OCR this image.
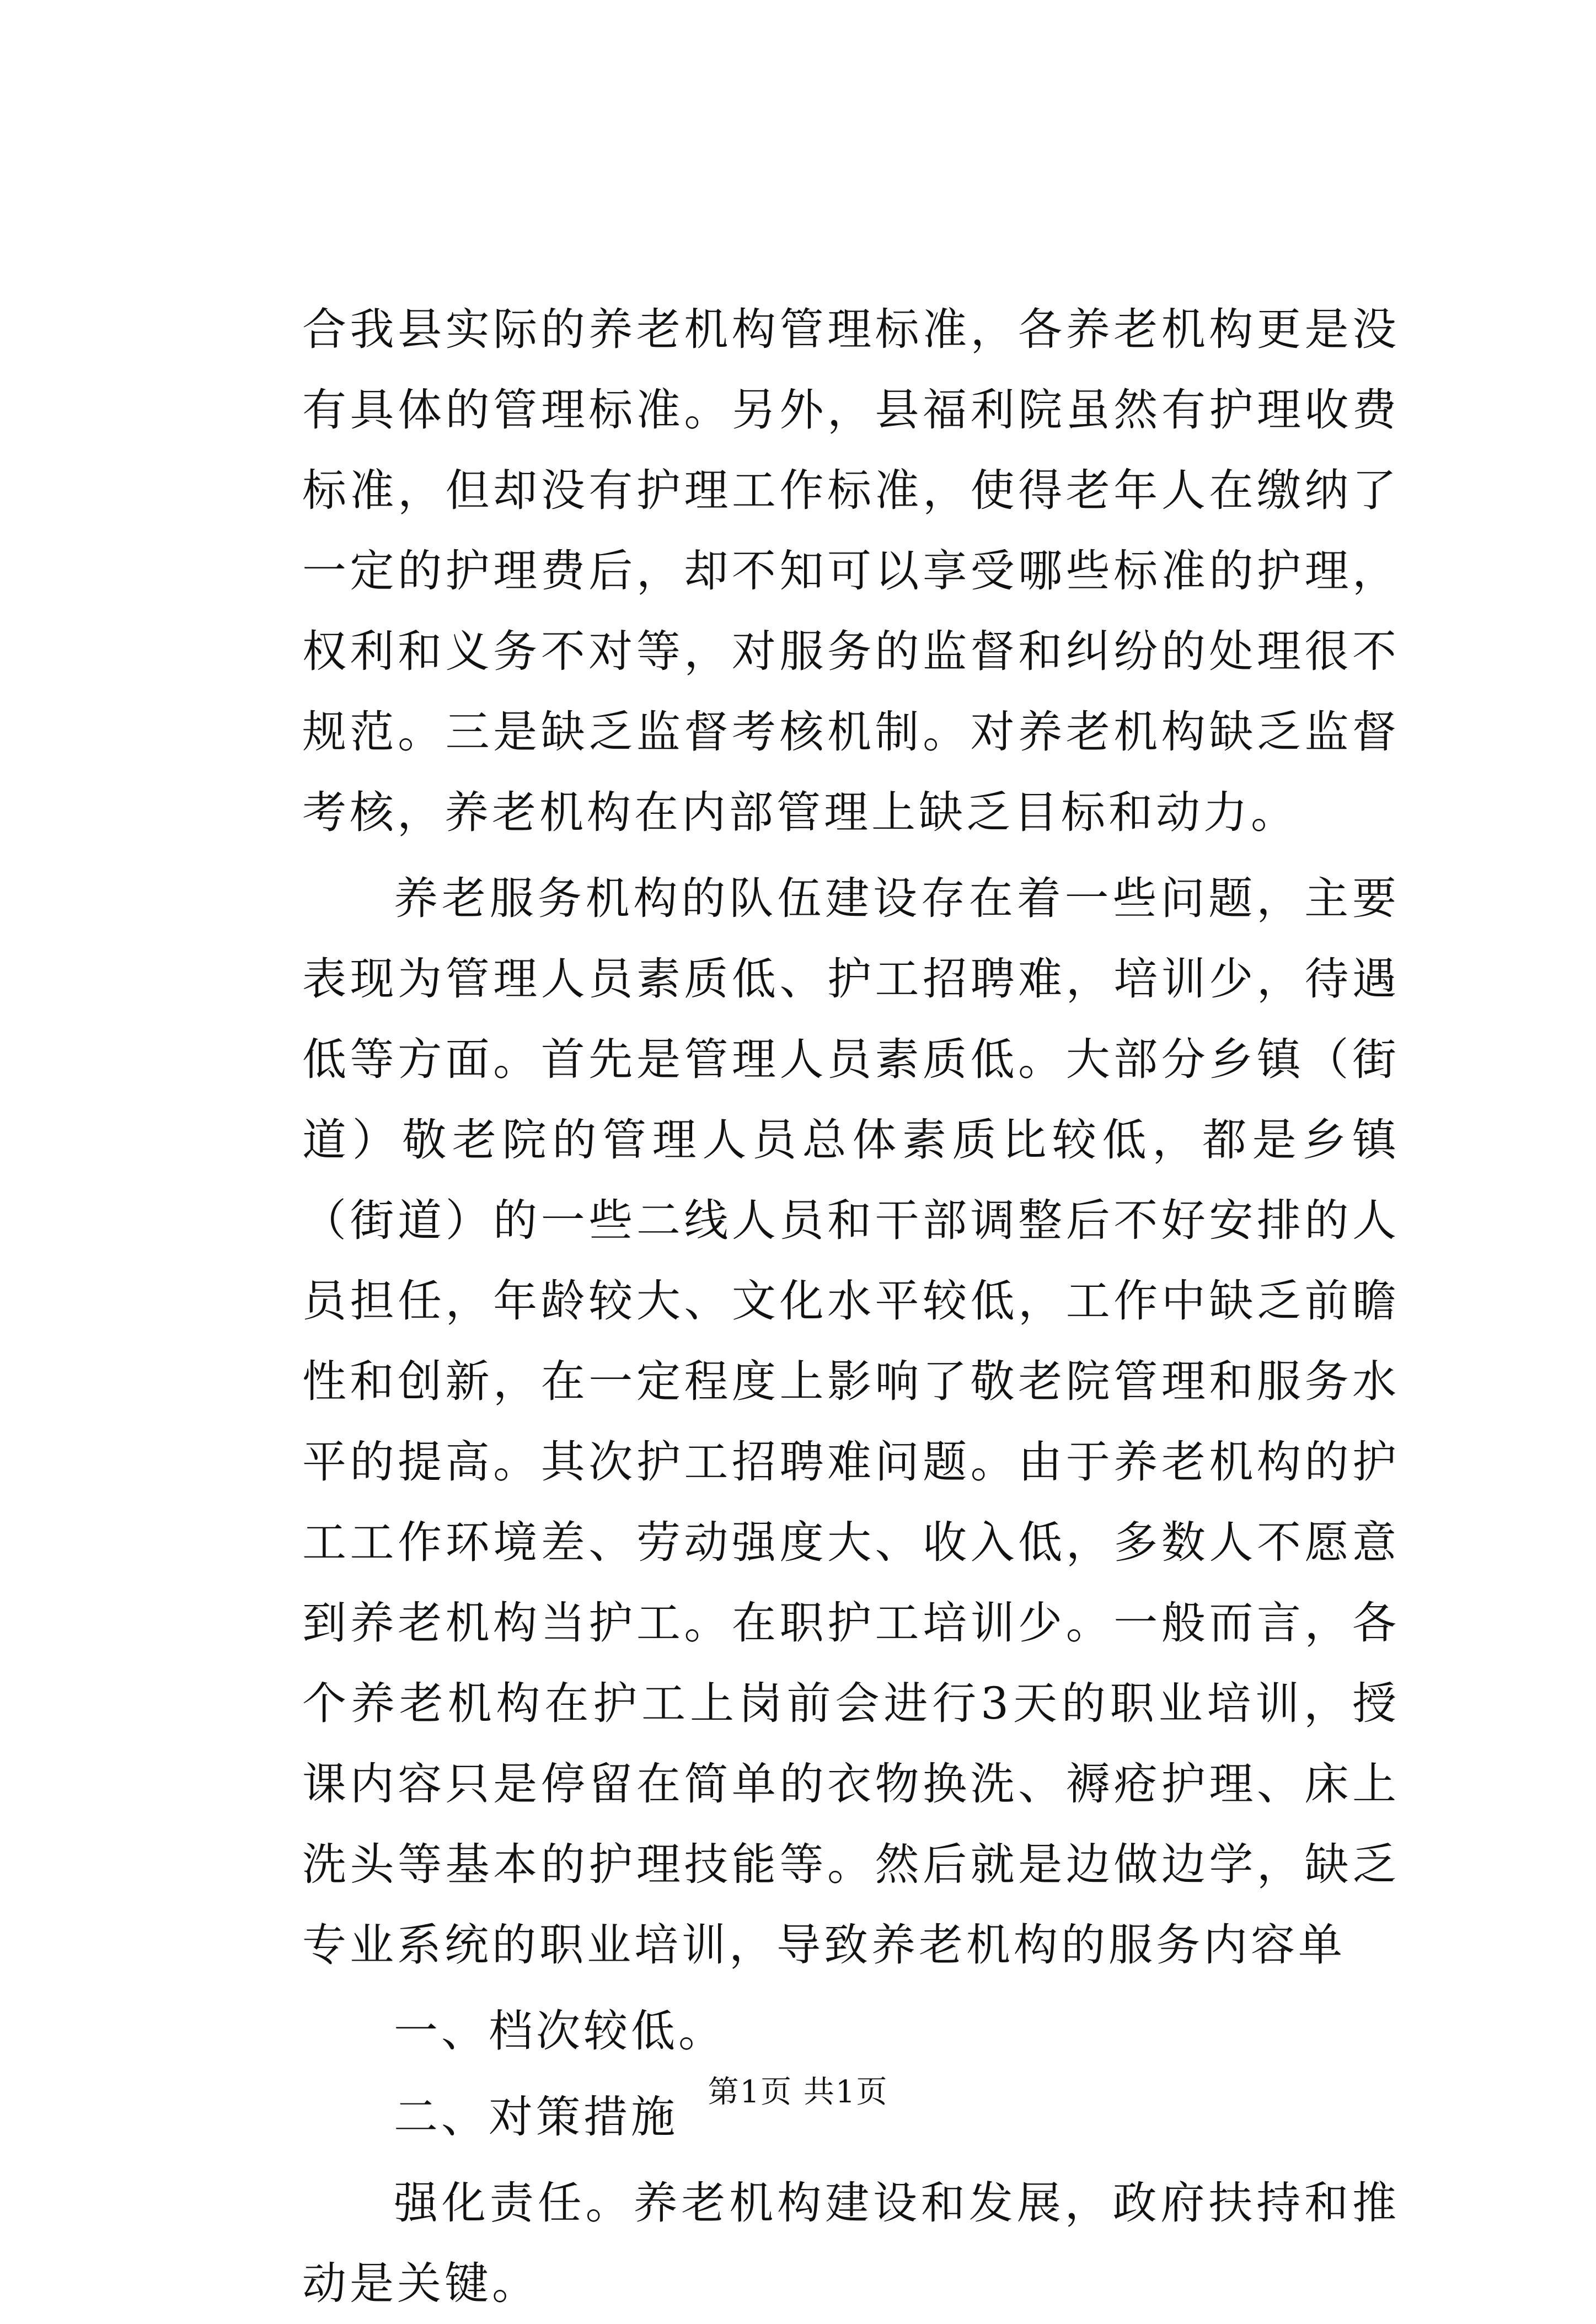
合我县实际的养老机构管理标准，各养老机构更是没有具体的管理标准。另外，县福利院虽然有护理收费标准，但却没有护理工作标准，使得老年人在缴纳了一定的护理费后，却不知可以享受哪些标准的护理，权利和义务不对等，对服务的监督和纠纷的处理很不规范。三是缺乏监督考核机制。对养老机构缺乏监督考核，养老机构在内部管理上缺乏目标和动力。

养老服务机构的队伍建设存在着一些问题，主要表现为管理人员素质低、护工招聘难，培训少，待遇低等方面。首先是管理人员素质低。大部分乡镇（街道）敬老院的管理人员总体素质比较低，都是乡镇（街道）的一些二线人员和干部调整后不好安排的人员担任，年龄较大、文化水平较低，工作中缺乏前瞻性和创新，在一定程度上影响了敬老院管理和服务水平的提高。其次护工招聘难问题。由于养老机构的护工工作环境差、劳动强度大、收入低，多数人不愿意到养老机构当护工。在职护工培训少。一般而言，各个养老机构在护工上岗前会进行3天的职业培训，授课内容只是停留在简单的衣物换洗、褥疮护理、床上洗头等基本的护理技能等。然后就是边做边学，缺乏专业系统的职业培训，导致养老机构的服务内容单

一、档次较低。

二、对策措施

强化责任。养老机构建设和发展，政府扶持和推动是关键。

第1页 共1页
